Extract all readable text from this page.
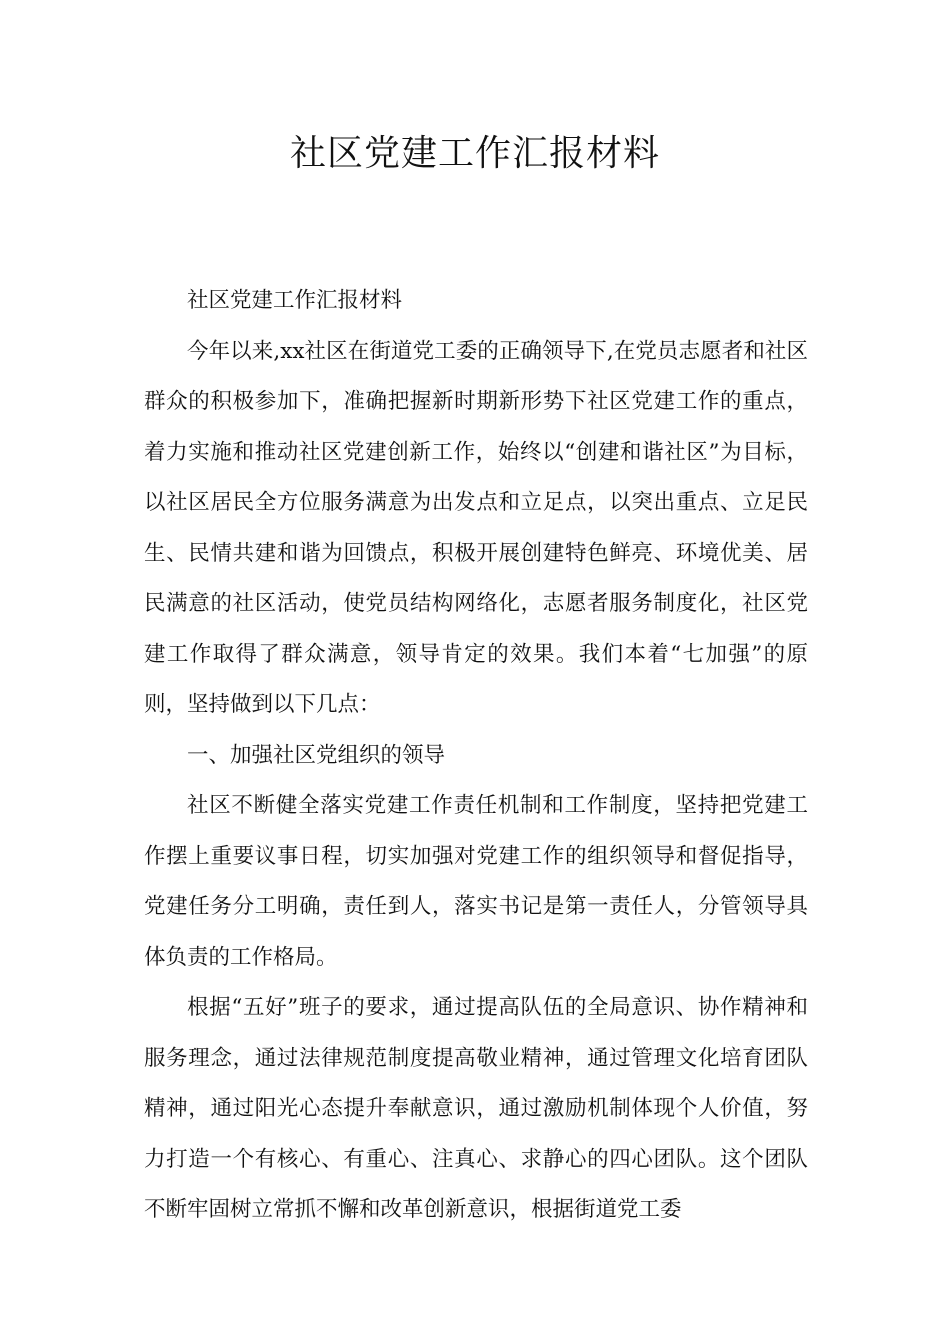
社区党建工作汇报材料

社区党建工作汇报材料

今年以来,xx社区在街道党工委的正确领导下,在党员志愿者和社区群众的积极参加下，准确把握新时期新形势下社区党建工作的重点，着力实施和推动社区党建创新工作，始终以“创建和谐社区”为目标，以社区居民全方位服务满意为出发点和立足点，以突出重点、立足民生、民情共建和谐为回馈点，积极开展创建特色鲜亮、环境优美、居民满意的社区活动，使党员结构网络化，志愿者服务制度化，社区党建工作取得了群众满意，领导肯定的效果。我们本着“七加强”的原则，坚持做到以下几点：

一、加强社区党组织的领导

社区不断健全落实党建工作责任机制和工作制度，坚持把党建工作摆上重要议事日程，切实加强对党建工作的组织领导和督促指导，党建任务分工明确，责任到人，落实书记是第一责任人，分管领导具体负责的工作格局。

根据“五好”班子的要求，通过提高队伍的全局意识、协作精神和服务理念，通过法律规范制度提高敬业精神，通过管理文化培育团队精神，通过阳光心态提升奉献意识，通过激励机制体现个人价值，努力打造一个有核心、有重心、注真心、求静心的四心团队。这个团队不断牢固树立常抓不懈和改革创新意识，根据街道党工委
